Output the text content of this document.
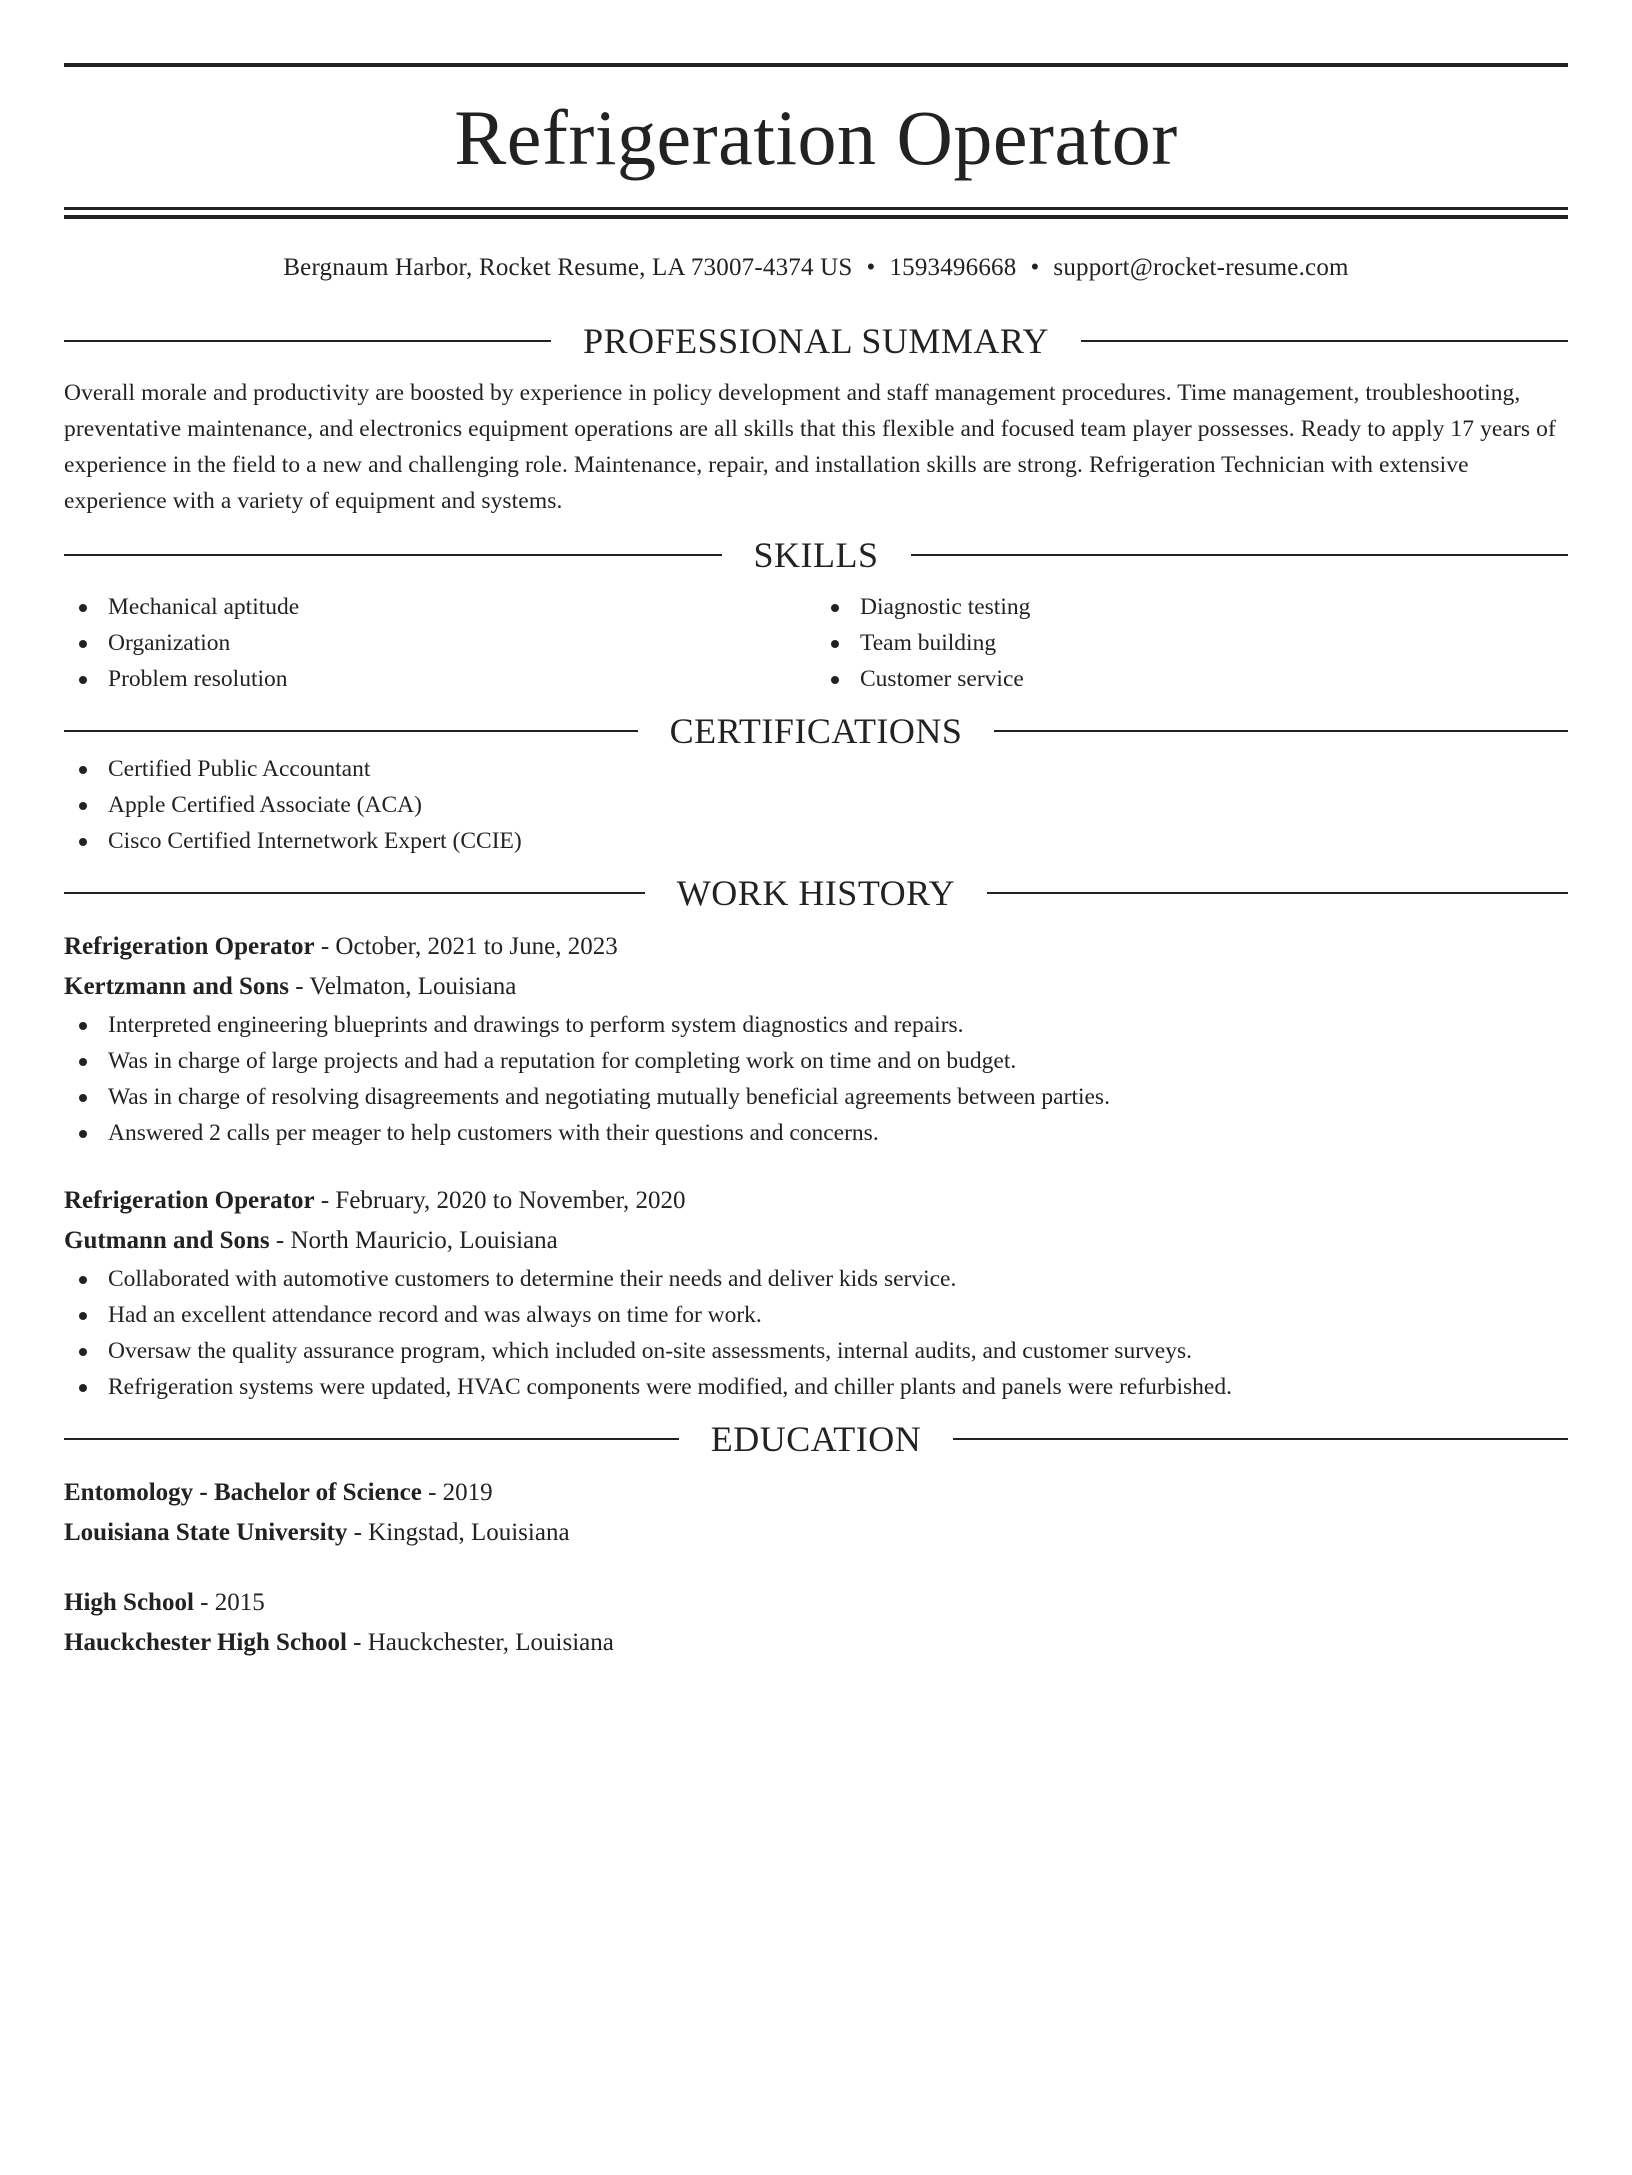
Refrigeration Operator
Bergnaum Harbor, Rocket Resume, LA 73007-4374 US • 1593496668 • support@rocket-resume.com
PROFESSIONAL SUMMARY
Overall morale and productivity are boosted by experience in policy development and staff management procedures. Time management, troubleshooting, preventative maintenance, and electronics equipment operations are all skills that this flexible and focused team player possesses. Ready to apply 17 years of experience in the field to a new and challenging role. Maintenance, repair, and installation skills are strong. Refrigeration Technician with extensive experience with a variety of equipment and systems.
SKILLS
Mechanical aptitude
Organization
Problem resolution
Diagnostic testing
Team building
Customer service
CERTIFICATIONS
Certified Public Accountant
Apple Certified Associate (ACA)
Cisco Certified Internetwork Expert (CCIE)
WORK HISTORY
Refrigeration Operator - October, 2021 to June, 2023
Kertzmann and Sons - Velmaton, Louisiana
Interpreted engineering blueprints and drawings to perform system diagnostics and repairs.
Was in charge of large projects and had a reputation for completing work on time and on budget.
Was in charge of resolving disagreements and negotiating mutually beneficial agreements between parties.
Answered 2 calls per meager to help customers with their questions and concerns.
Refrigeration Operator - February, 2020 to November, 2020
Gutmann and Sons - North Mauricio, Louisiana
Collaborated with automotive customers to determine their needs and deliver kids service.
Had an excellent attendance record and was always on time for work.
Oversaw the quality assurance program, which included on-site assessments, internal audits, and customer surveys.
Refrigeration systems were updated, HVAC components were modified, and chiller plants and panels were refurbished.
EDUCATION
Entomology - Bachelor of Science - 2019
Louisiana State University - Kingstad, Louisiana
High School - 2015
Hauckchester High School - Hauckchester, Louisiana
